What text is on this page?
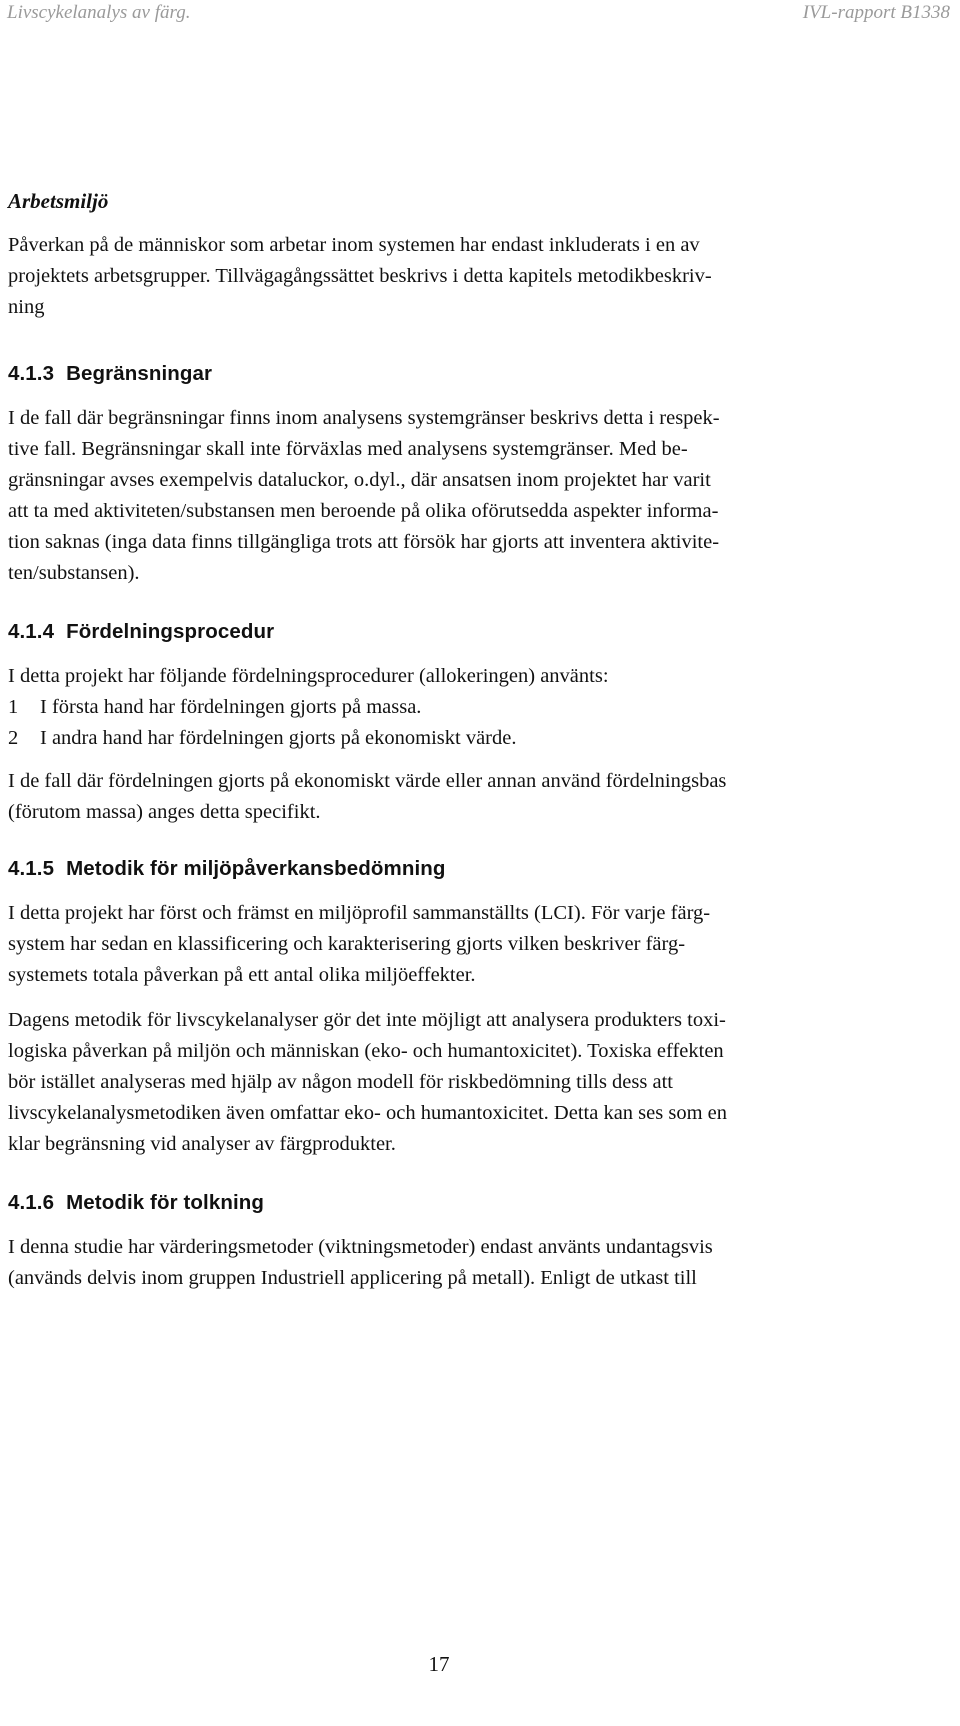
Livscykelanalys av färg.	IVL-rapport B1338
Arbetsmiljö

Påverkan på de människor som arbetar inom systemen har endast inkluderats i en av
projektets arbetsgrupper. Tillvägagångssättet beskrivs i detta kapitels metodikbeskriv-
ning

4.1.3 Begränsningar

I de fall där begränsningar finns inom analysens systemgränser beskrivs detta i respek-
tive fall. Begränsningar skall inte förväxlas med analysens systemgränser. Med be-
gränsningar avses exempelvis dataluckor, o.dyl., där ansatsen inom projektet har varit
att ta med aktiviteten/substansen men beroende på olika oförutsedda aspekter informa-
tion saknas (inga data finns tillgängliga trots att försök har gjorts att inventera aktivite-
ten/substansen).

4.1.4 Fördelningsprocedur

I detta projekt har följande fördelningsprocedurer (allokeringen) använts:

1	I första hand har fördelningen gjorts på massa.
2	I andra hand har fördelningen gjorts på ekonomiskt värde.

I de fall där fördelningen gjorts på ekonomiskt värde eller annan använd fördelningsbas
(förutom massa) anges detta specifikt.

4.1.5 Metodik för miljöpåverkansbedömning

I detta projekt har först och främst en miljöprofil sammanställts (LCI). För varje färg-
system har sedan en klassificering och karakterisering gjorts vilken beskriver färg-
systemets totala påverkan på ett antal olika miljöeffekter.

Dagens metodik för livscykelanalyser gör det inte möjligt att analysera produkters toxi-
logiska påverkan på miljön och människan (eko- och humantoxicitet). Toxiska effekten
bör istället analyseras med hjälp av någon modell för riskbedömning tills dess att
livscykelanalysmetodiken även omfattar eko- och humantoxicitet. Detta kan ses som en
klar begränsning vid analyser av färgprodukter.

4.1.6 Metodik för tolkning

I denna studie har värderingsmetoder (viktningsmetoder) endast använts undantagsvis
(används delvis inom gruppen Industriell applicering på metall). Enligt de utkast till

17
